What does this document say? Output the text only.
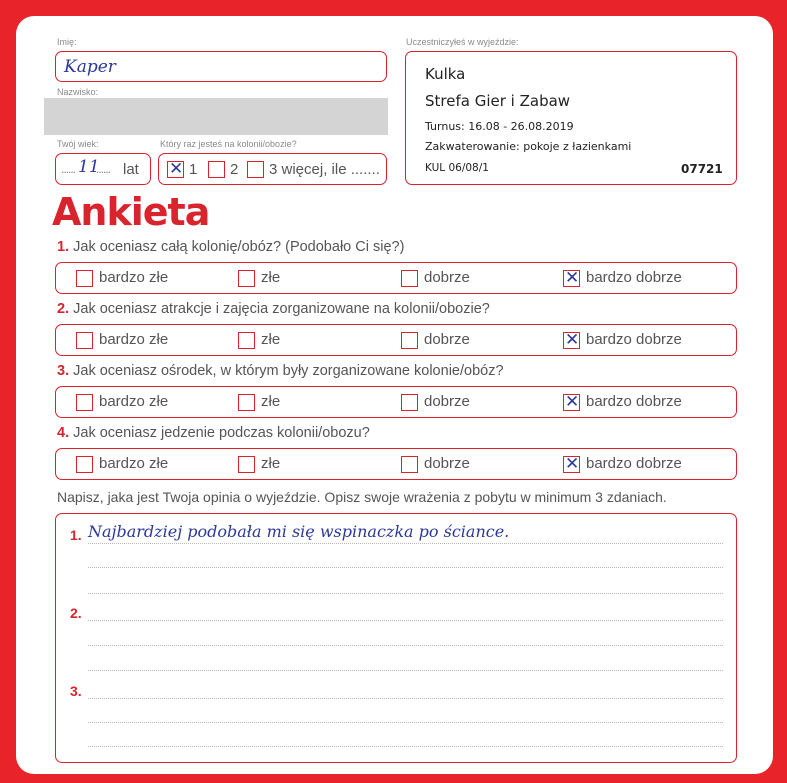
Imię:
Kaper
Nazwisko:
Twój wiek:
...... 11
...... lat
Który raz jesteś na kolonii/obozie?
✕
1 2 3 więcej, ile .......
Uczestniczyłeś w wyjeździe:
Kulka
Strefa Gier i Zabaw
Turnus: 16.08 - 26.08.2019
Zakwaterowanie: pokoje z łazienkami
KUL 06/08/1	07721
Ankieta
1. Jak oceniasz całą kolonię/obóz? (Podobało Ci się?)
bardzo złe	złe	dobrze ✕	bardzo dobrze
2. Jak oceniasz atrakcje i zajęcia zorganizowane na kolonii/obozie?
bardzo złe	złe	dobrze ✕	bardzo dobrze
3. Jak oceniasz ośrodek, w którym były zorganizowane kolonie/obóz?
bardzo złe	złe	dobrze ✕	bardzo dobrze
4. Jak oceniasz jedzenie podczas kolonii/obozu?
bardzo złe	złe	dobrze ✕	bardzo dobrze
Napisz, jaka jest Twoja opinia o wyjeździe. Opisz swoje wrażenia z pobytu w minimum 3 zdaniach.
1. Najbardziej podobała mi się wspinaczka po ściance.
2.
3.
